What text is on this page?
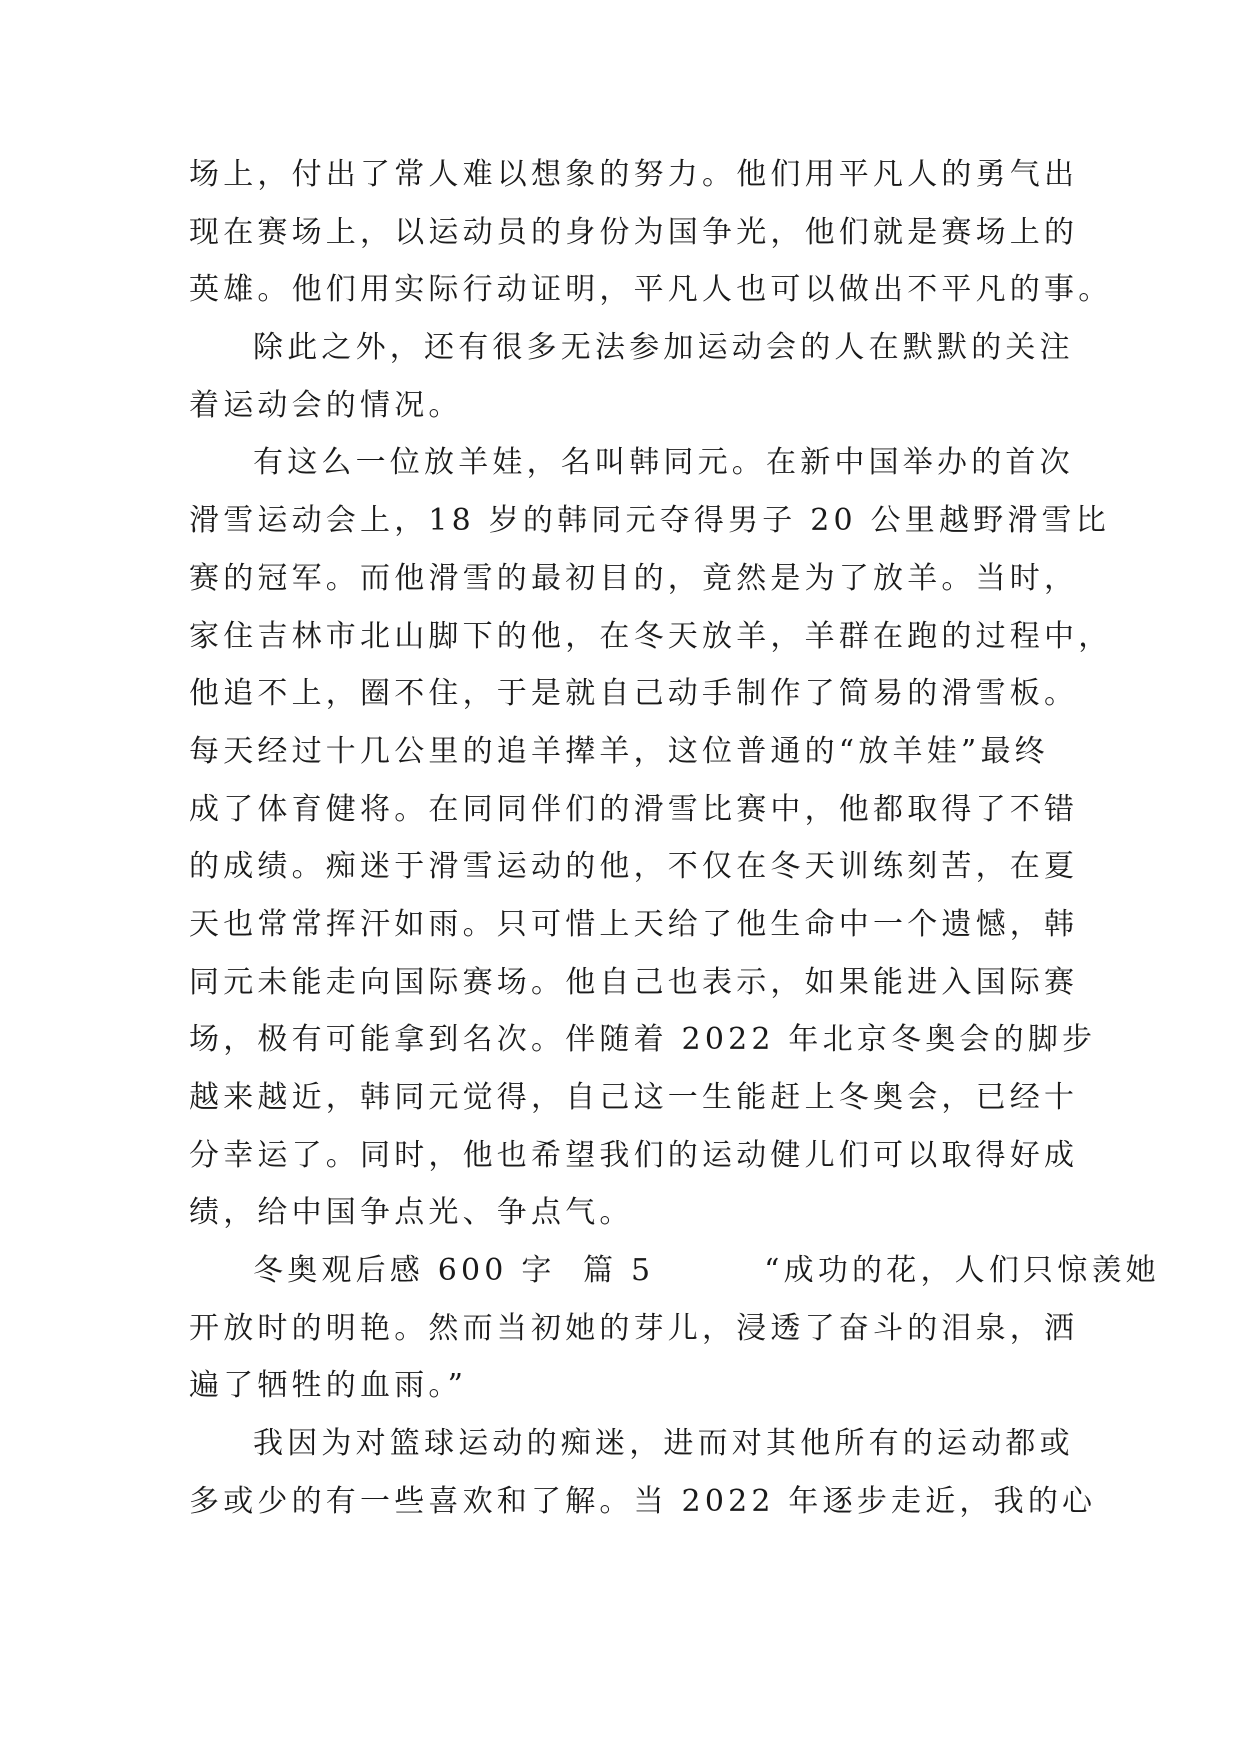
场上，付出了常人难以想象的努力。他们用平凡人的勇气出
现在赛场上，以运动员的身份为国争光，他们就是赛场上的
英雄。他们用实际行动证明，平凡人也可以做出不平凡的事。
除此之外，还有很多无法参加运动会的人在默默的关注
着运动会的情况。
有这么一位放羊娃，名叫韩同元。在新中国举办的首次
滑雪运动会上，18 岁的韩同元夺得男子 20 公里越野滑雪比
赛的冠军。而他滑雪的最初目的，竟然是为了放羊。当时，
家住吉林市北山脚下的他，在冬天放羊，羊群在跑的过程中，
他追不上，圈不住，于是就自己动手制作了简易的滑雪板。
每天经过十几公里的追羊撵羊，这位普通的“放羊娃”最终
成了体育健将。在同同伴们的滑雪比赛中，他都取得了不错
的成绩。痴迷于滑雪运动的他，不仅在冬天训练刻苦，在夏
天也常常挥汗如雨。只可惜上天给了他生命中一个遗憾，韩
同元未能走向国际赛场。他自己也表示，如果能进入国际赛
场，极有可能拿到名次。伴随着 2022 年北京冬奥会的脚步
越来越近，韩同元觉得，自己这一生能赶上冬奥会，已经十
分幸运了。同时，他也希望我们的运动健儿们可以取得好成
绩，给中国争点光、争点气。
冬奥观后感 600 字  篇 5        “成功的花，人们只惊羡她
开放时的明艳。然而当初她的芽儿，浸透了奋斗的泪泉，洒
遍了牺牲的血雨。”
我因为对篮球运动的痴迷，进而对其他所有的运动都或
多或少的有一些喜欢和了解。当 2022 年逐步走近，我的心
